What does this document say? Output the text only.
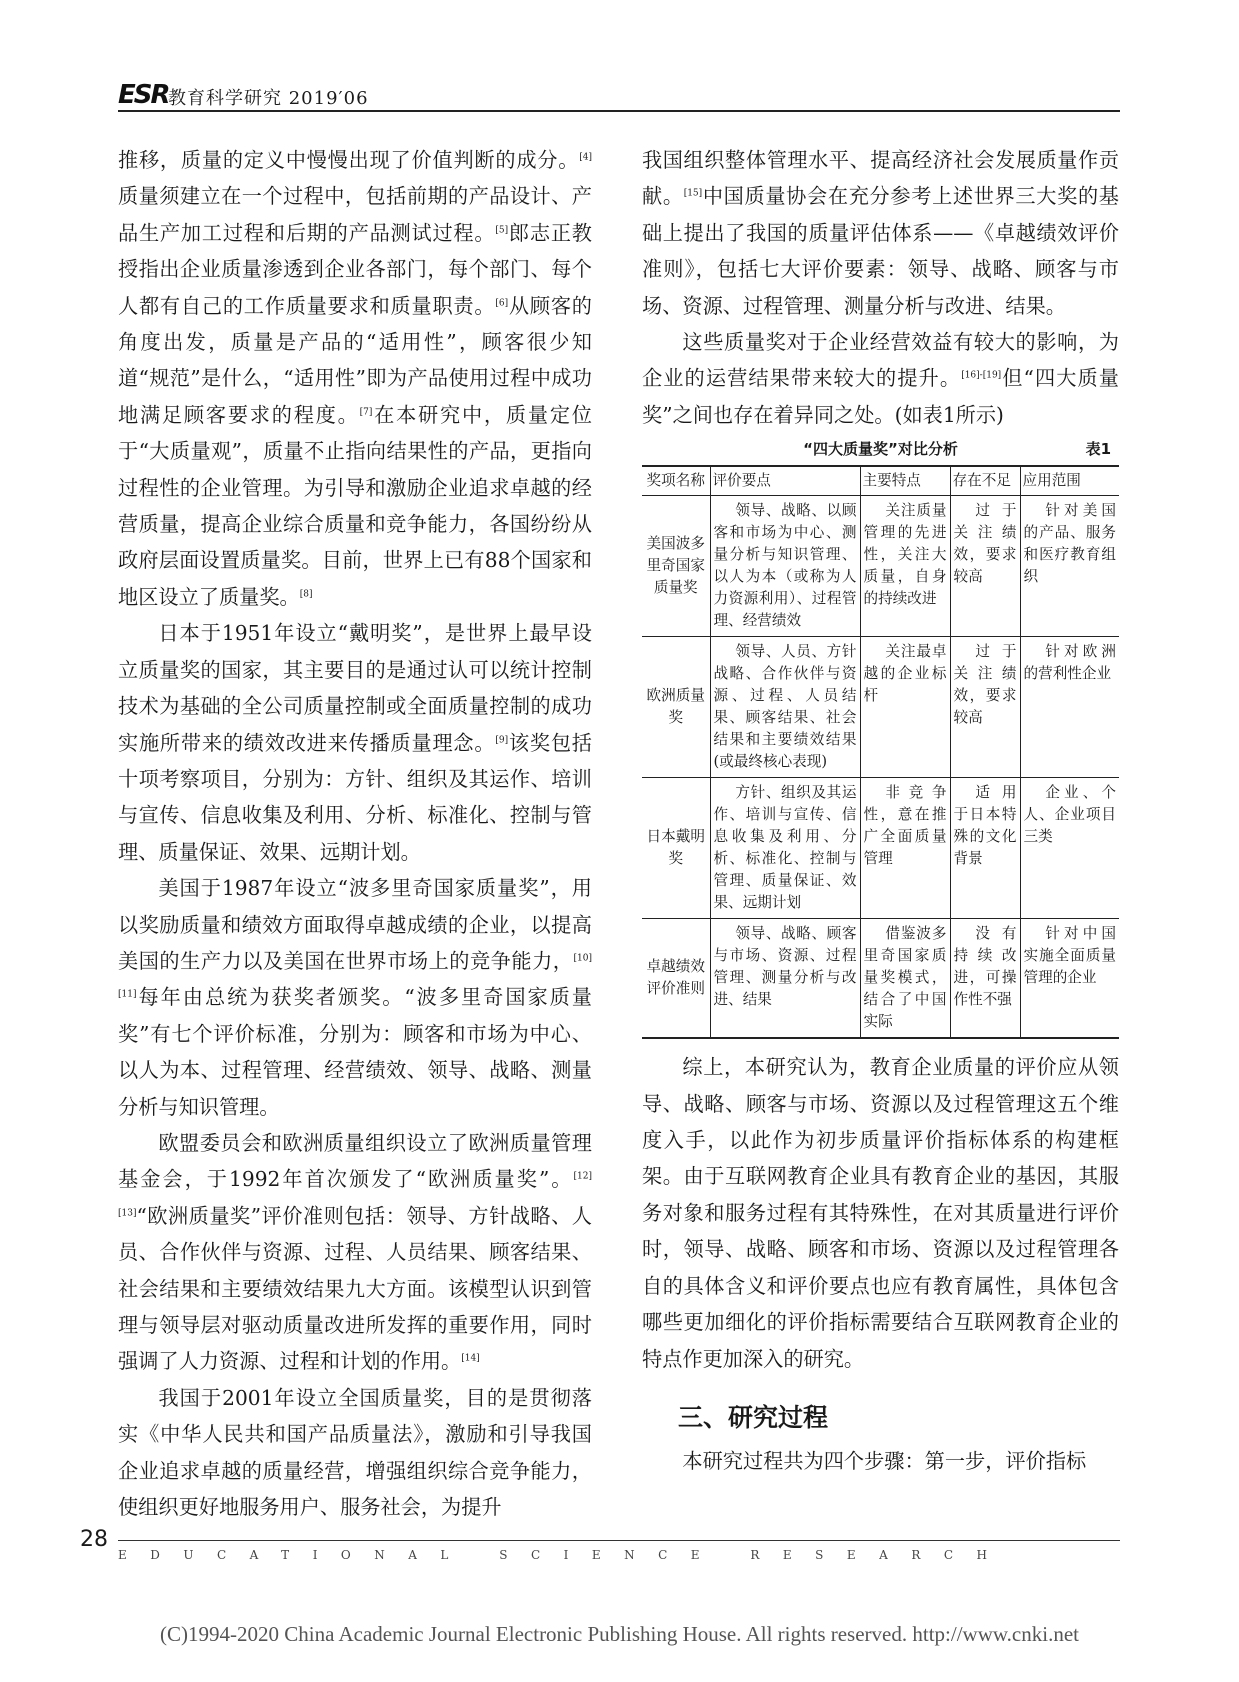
ESR 教育科学研究 2019′06

推移，质量的定义中慢慢出现了价值判断的成分。[4]质量须建立在一个过程中，包括前期的产品设计、产品生产加工过程和后期的产品测试过程。[5]郎志正教授指出企业质量渗透到企业各部门，每个部门、每个人都有自己的工作质量要求和质量职责。[6]从顾客的角度出发，质量是产品的“适用性”，顾客很少知道“规范”是什么，“适用性”即为产品使用过程中成功地满足顾客要求的程度。[7]在本研究中，质量定位于“大质量观”，质量不止指向结果性的产品，更指向过程性的企业管理。为引导和激励企业追求卓越的经营质量，提高企业综合质量和竞争能力，各国纷纷从政府层面设置质量奖。目前，世界上已有88个国家和地区设立了质量奖。[8]

日本于1951年设立“戴明奖”，是世界上最早设立质量奖的国家，其主要目的是通过认可以统计控制技术为基础的全公司质量控制或全面质量控制的成功实施所带来的绩效改进来传播质量理念。[9]该奖包括十项考察项目，分别为：方针、组织及其运作、培训与宣传、信息收集及利用、分析、标准化、控制与管理、质量保证、效果、远期计划。

美国于1987年设立“波多里奇国家质量奖”，用以奖励质量和绩效方面取得卓越成绩的企业，以提高美国的生产力以及美国在世界市场上的竞争能力，[10][11]每年由总统为获奖者颁奖。“波多里奇国家质量奖”有七个评价标准，分别为：顾客和市场为中心、以人为本、过程管理、经营绩效、领导、战略、测量分析与知识管理。

欧盟委员会和欧洲质量组织设立了欧洲质量管理基金会，于1992年首次颁发了“欧洲质量奖”。[12][13]“欧洲质量奖”评价准则包括：领导、方针战略、人员、合作伙伴与资源、过程、人员结果、顾客结果、社会结果和主要绩效结果九大方面。该模型认识到管理与领导层对驱动质量改进所发挥的重要作用，同时强调了人力资源、过程和计划的作用。[14]

我国于2001年设立全国质量奖，目的是贯彻落实《中华人民共和国产品质量法》，激励和引导我国企业追求卓越的质量经营，增强组织综合竞争能力，使组织更好地服务用户、服务社会，为提升

我国组织整体管理水平、提高经济社会发展质量作贡献。[15]中国质量协会在充分参考上述世界三大奖的基础上提出了我国的质量评估体系——《卓越绩效评价准则》，包括七大评价要素：领导、战略、顾客与市场、资源、过程管理、测量分析与改进、结果。

这些质量奖对于企业经营效益有较大的影响，为企业的运营结果带来较大的提升。[16]-[19]但“四大质量奖”之间也存在着异同之处。(如表1所示)

“四大质量奖”对比分析	表1
奖项名称	评价要点	主要特点	存在不足	应用范围
美国波多里奇国家质量奖	领导、战略、以顾客和市场为中心、测量分析与知识管理、以人为本（或称为人力资源利用）、过程管理、经营绩效	关注质量管理的先进性，关注大质量，自身的持续改进	过于关注绩效，要求较高	针对美国的产品、服务和医疗教育组织
欧洲质量奖	领导、人员、方针战略、合作伙伴与资源、过程、人员结果、顾客结果、社会结果和主要绩效结果(或最终核心表现)	关注最卓越的企业标杆	过于关注绩效，要求较高	针对欧洲的营利性企业
日本戴明奖	方针、组织及其运作、培训与宣传、信息收集及利用、分析、标准化、控制与管理、质量保证、效果、远期计划	非竞争性，意在推广全面质量管理	适用于日本特殊的文化背景	企业、个人、企业项目三类
卓越绩效评价准则	领导、战略、顾客与市场、资源、过程管理、测量分析与改进、结果	借鉴波多里奇国家质量奖模式，结合了中国实际	没有持续改进，可操作性不强	针对中国实施全面质量管理的企业

综上，本研究认为，教育企业质量的评价应从领导、战略、顾客与市场、资源以及过程管理这五个维度入手，以此作为初步质量评价指标体系的构建框架。由于互联网教育企业具有教育企业的基因，其服务对象和服务过程有其特殊性，在对其质量进行评价时，领导、战略、顾客和市场、资源以及过程管理各自的具体含义和评价要点也应有教育属性，具体包含哪些更加细化的评价指标需要结合互联网教育企业的特点作更加深入的研究。

三、研究过程

本研究过程共为四个步骤：第一步，评价指标

28
EDUCATIONAL SCIENCE RESEARCH
(C)1994-2020 China Academic Journal Electronic Publishing House. All rights reserved. http://www.cnki.net
